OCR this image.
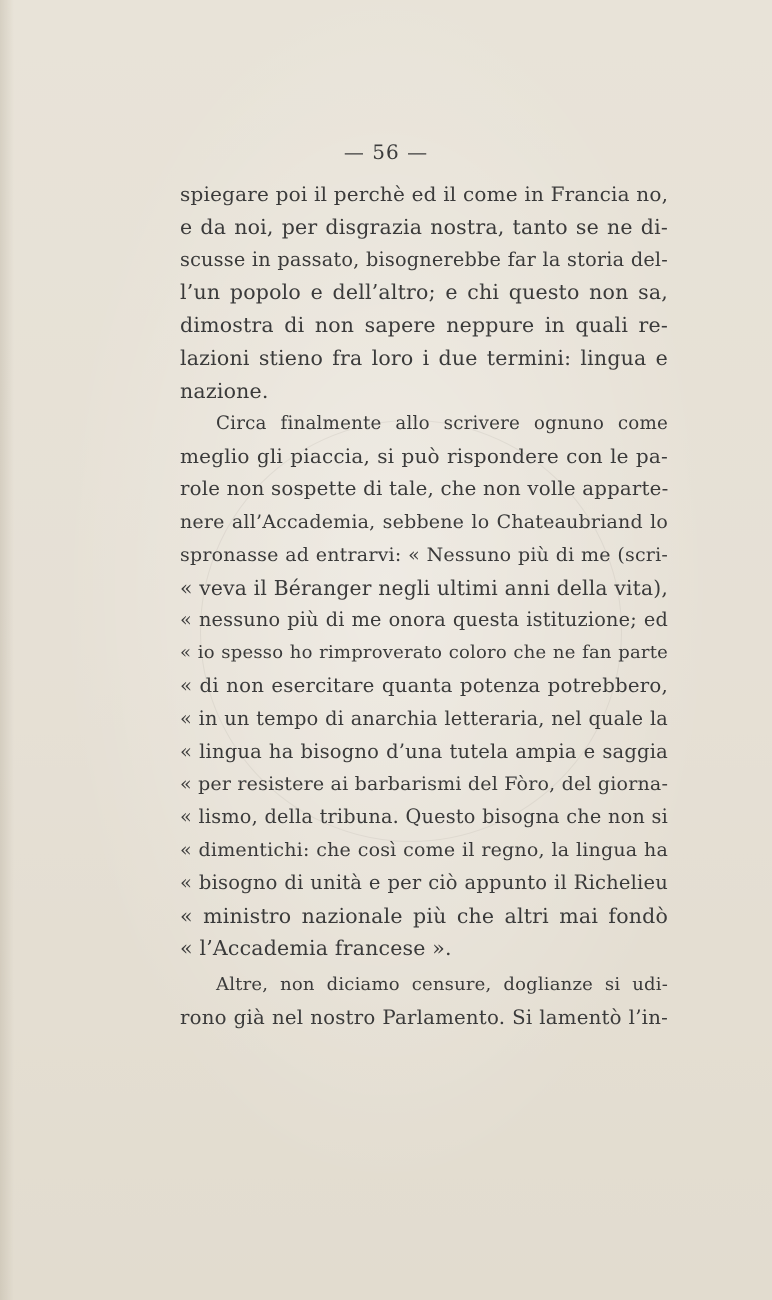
— 56 —
spiegare poi il perchè ed il come in Francia no,
e da noi, per disgrazia nostra, tanto se ne di-
scusse in passato, bisognerebbe far la storia del-
l’un popolo e dell’altro; e chi questo non sa,
dimostra di non sapere neppure in quali re-
lazioni stieno fra loro i due termini: lingua e
nazione.
Circa finalmente allo scrivere ognuno come
meglio gli piaccia, si può rispondere con le pa-
role non sospette di tale, che non volle apparte-
nere all’Accademia, sebbene lo Chateaubriand lo
spronasse ad entrarvi: « Nessuno più di me (scri-
« veva il Béranger negli ultimi anni della vita),
« nessuno più di me onora questa istituzione; ed
« io spesso ho rimproverato coloro che ne fan parte
« di non esercitare quanta potenza potrebbero,
« in un tempo di anarchia letteraria, nel quale la
« lingua ha bisogno d’una tutela ampia e saggia
« per resistere ai barbarismi del Fòro, del giorna-
« lismo, della tribuna. Questo bisogna che non si
« dimentichi: che così come il regno, la lingua ha
« bisogno di unità e per ciò appunto il Richelieu
« ministro nazionale più che altri mai fondò
« l’Accademia francese ».
Altre, non diciamo censure, doglianze si udi-
rono già nel nostro Parlamento. Si lamentò l’in-
